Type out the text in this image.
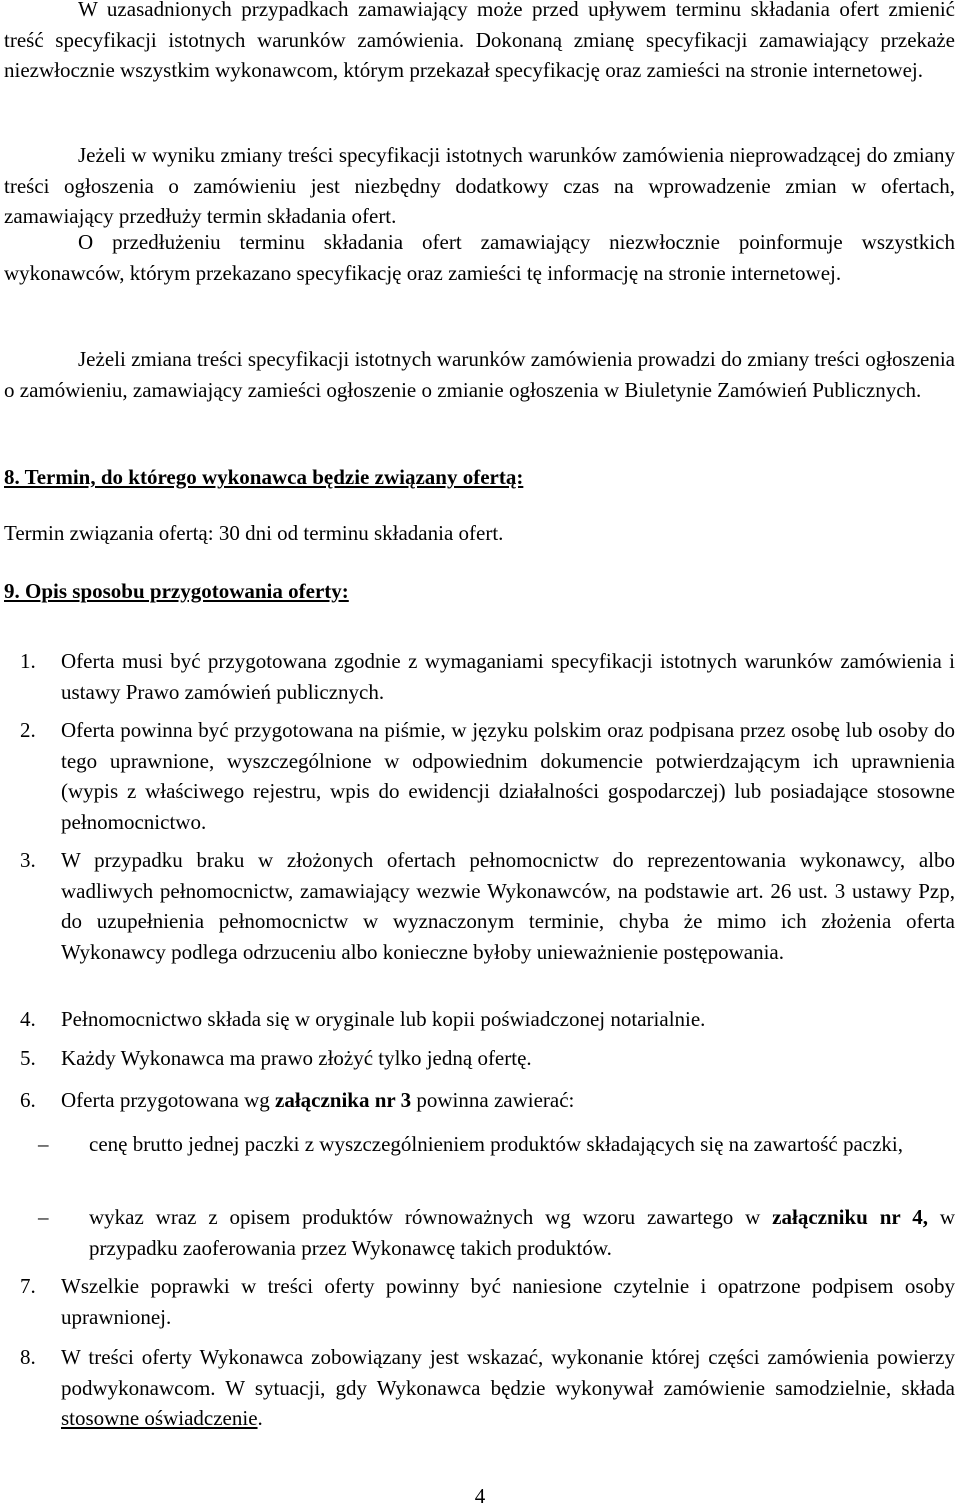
W uzasadnionych przypadkach zamawiający może przed upływem terminu składania ofert zmienić treść specyfikacji istotnych warunków zamówienia. Dokonaną zmianę specyfikacji zamawiający przekaże niezwłocznie wszystkim wykonawcom, którym przekazał specyfikację oraz zamieści na stronie internetowej.
Jeżeli w wyniku zmiany treści specyfikacji istotnych warunków zamówienia nieprowadzącej do zmiany treści ogłoszenia o zamówieniu jest niezbędny dodatkowy czas na wprowadzenie zmian w ofertach, zamawiający przedłuży termin składania ofert.
O przedłużeniu terminu składania ofert zamawiający niezwłocznie poinformuje wszystkich wykonawców, którym przekazano specyfikację oraz zamieści tę informację na stronie internetowej.
Jeżeli zmiana treści specyfikacji istotnych warunków zamówienia prowadzi do zmiany treści ogłoszenia o zamówieniu, zamawiający zamieści ogłoszenie o zmianie ogłoszenia w Biuletynie Zamówień Publicznych.
8. Termin, do którego wykonawca będzie związany ofertą:
Termin związania ofertą: 30 dni od terminu składania ofert.
9. Opis sposobu przygotowania oferty:
1.	Oferta musi być przygotowana zgodnie z wymaganiami specyfikacji istotnych warunków zamówienia i ustawy Prawo zamówień publicznych.
2.	Oferta powinna być przygotowana na piśmie, w języku polskim oraz podpisana przez osobę lub osoby do tego uprawnione, wyszczególnione w odpowiednim dokumencie potwierdzającym ich uprawnienia (wypis z właściwego rejestru, wpis do ewidencji działalności gospodarczej) lub posiadające stosowne pełnomocnictwo.
3.	W przypadku braku w złożonych ofertach pełnomocnictw do reprezentowania wykonawcy, albo wadliwych pełnomocnictw, zamawiający wezwie Wykonawców, na podstawie art. 26 ust. 3 ustawy Pzp, do uzupełnienia pełnomocnictw w wyznaczonym terminie, chyba że mimo ich złożenia oferta Wykonawcy podlega odrzuceniu albo konieczne byłoby unieważnienie postępowania.
4.	Pełnomocnictwo składa się w oryginale lub kopii poświadczonej notarialnie.
5.	Każdy Wykonawca ma prawo złożyć tylko jedną ofertę.
6.	Oferta przygotowana wg załącznika nr 3 powinna zawierać:
– cenę brutto jednej paczki z wyszczególnieniem produktów składających się na zawartość paczki,
– wykaz wraz z opisem produktów równoważnych wg wzoru zawartego w załączniku nr 4, w przypadku zaoferowania przez Wykonawcę takich produktów.
7.	Wszelkie poprawki w treści oferty powinny być naniesione czytelnie i opatrzone podpisem osoby uprawnionej.
8.	W treści oferty Wykonawca zobowiązany jest wskazać, wykonanie której części zamówienia powierzy podwykonawcom. W sytuacji, gdy Wykonawca będzie wykonywał zamówienie samodzielnie, składa stosowne oświadczenie.
4
